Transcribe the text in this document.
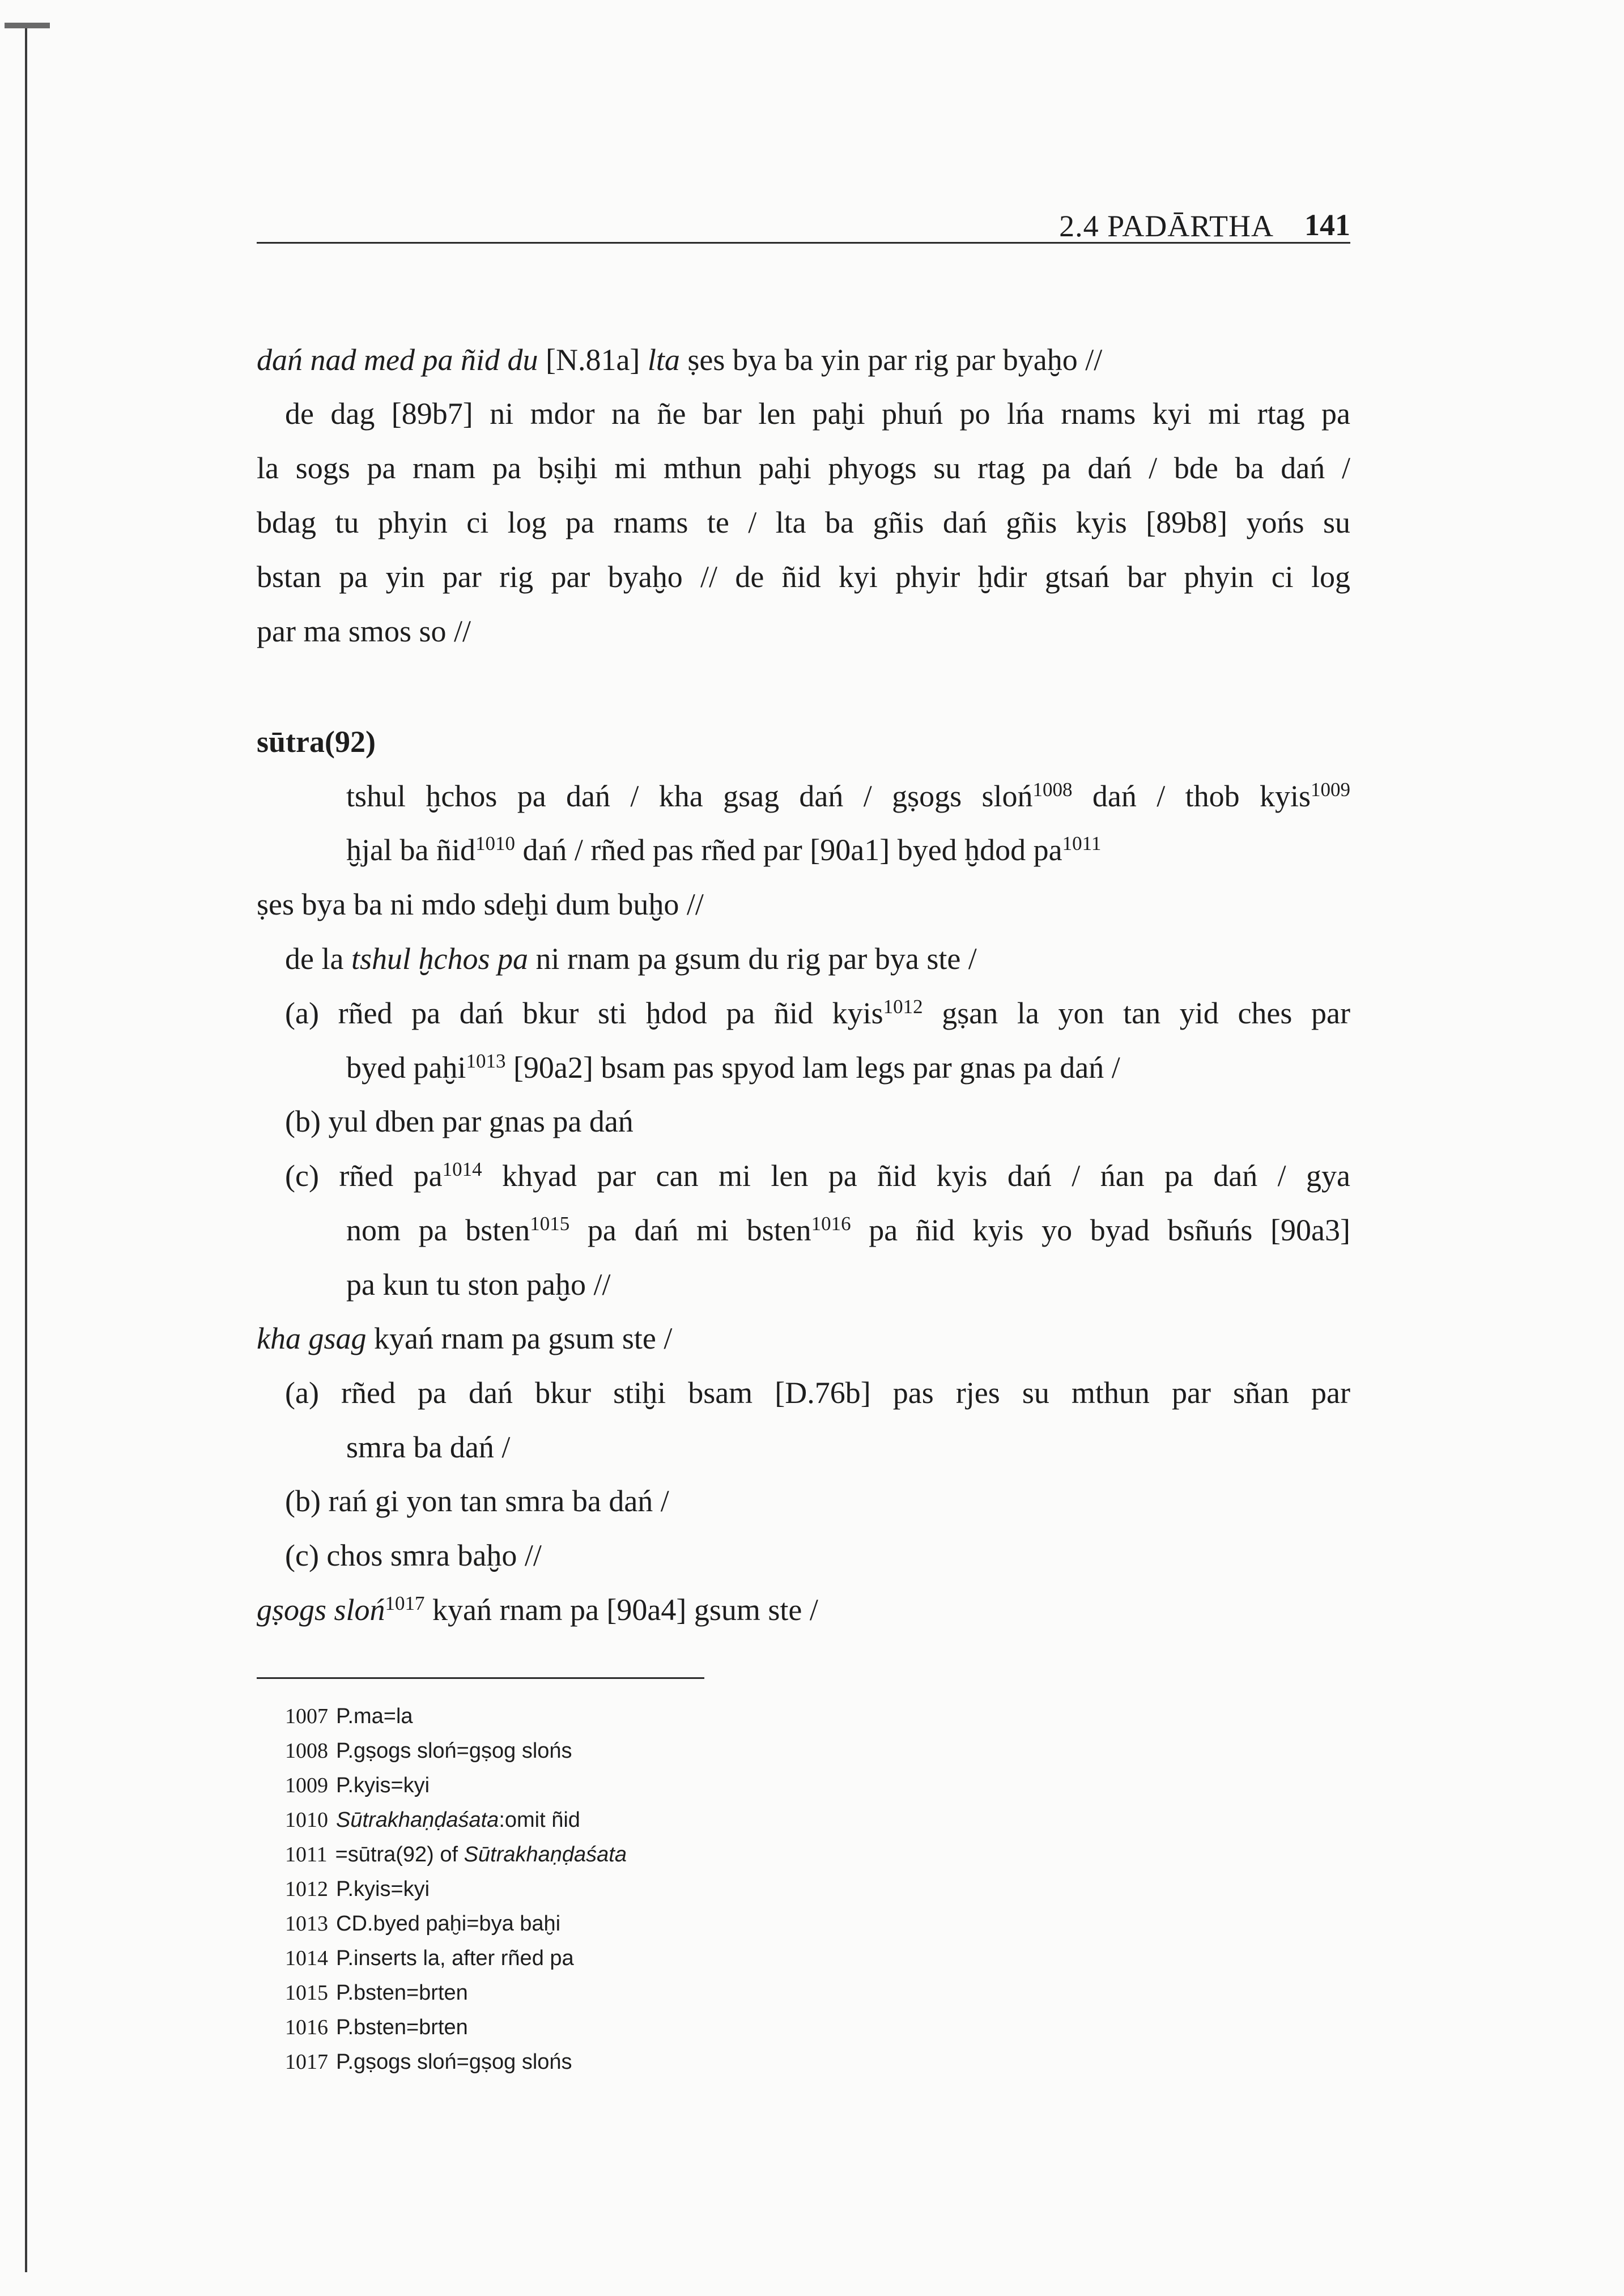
2.4 PADĀRTHA 141
dań nad med pa ñid du [N.81a] lta ṣes bya ba yin par rig par byaḫo //
de dag [89b7] ni mdor na ñe bar len paḫi phuń po lńa rnams kyi mi rtag pa
la sogs pa rnam pa bṣiḫi mi mthun paḫi phyogs su rtag pa dań / bde ba dań /
bdag tu phyin ci log pa rnams te / lta ba gñis dań gñis kyis [89b8] yońs su
bstan pa yin par rig par byaḫo // de ñid kyi phyir ḫdir gtsań bar phyin ci log
par ma smos so //
sūtra(92)
tshul ḫchos pa dań / kha gsag dań / gṣogs sloń$^{1008}$ dań / thob kyis$^{1009}$
ḫjal ba ñid$^{1010}$ dań / rñed pas rñed par [90a1] byed ḫdod $pa^{1011}$
ṣes bya ba ni mdo sdeḫi dum buḫo //
de la tshul ḫchos pa ni rnam pa gsum du rig par bya ste /
(a) rñed pa dań bkur sti ḫdod pa ñid kyis$^{1012}$ gṣan la yon tan yid ches par
byed paḫi$^{1013}$ [90a2] bsam pas spyod lam legs par gnas pa dań /
(b) yul dben par gnas pa dań
(c) rñed $pa^{1014}$ khyad par can mi len pa ñid kyis dań / ńan pa dań / gya
nom pa bsten$^{1015}$ pa dań mi bsten$^{1016}$ pa ñid kyis yo byad bsñuńs [90a3]
pa kun tu ston paḫo //
kha gsag kyań rnam pa gsum ste /
(a) rñed pa dań bkur stiḫi bsam [D.76b] pas rjes su mthun par sñan par
smra ba dań /
(b) rań gi yon tan smra ba dań /
(c) chos smra baḫo //
gṣogs sloń$^{1017}$ kyań rnam pa [90a4] gsum ste /
1007 P.ma=la
1008 P.gṣogs sloń=gṣog slońs
1009 P.kyis=kyi
1010 Sūtrakhaṇḍaśata:omit ñid
1011 =sūtra(92) of Sūtrakhaṇḍaśata
1012 P.kyis=kyi
1013 CD.byed paḫi=bya baḫi
1014 P.inserts la, after rñed pa
1015 P.bsten=brten
1016 P.bsten=brten
1017 P.gṣogs sloń=gṣog slońs
